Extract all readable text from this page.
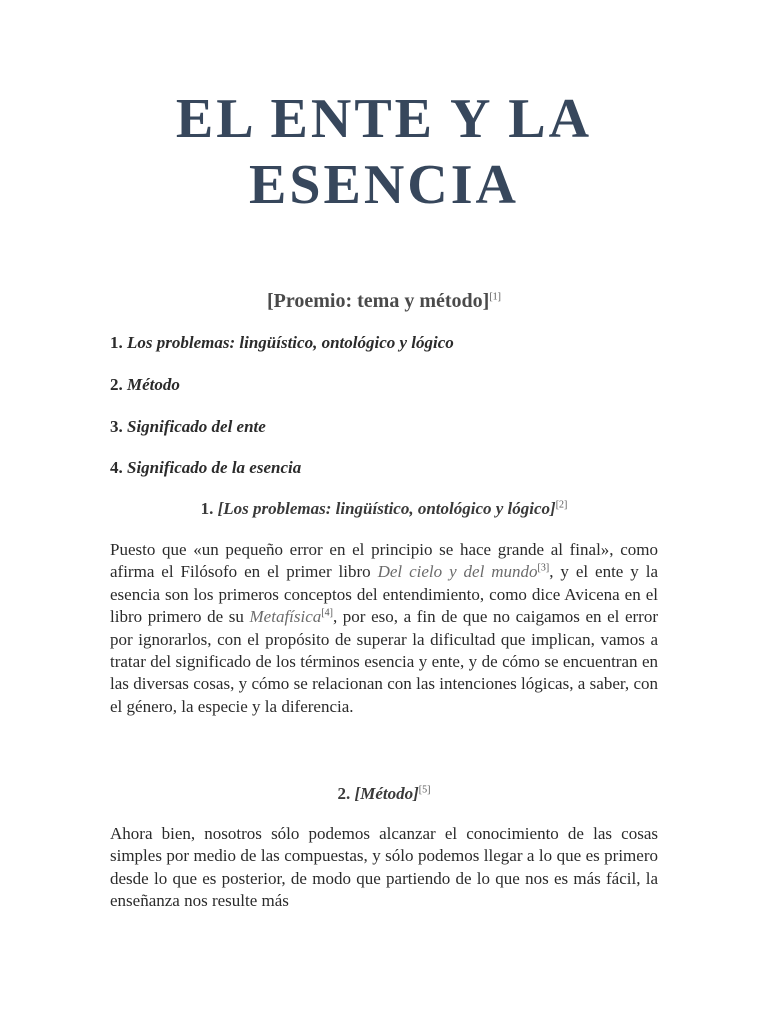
EL ENTE Y LA
ESENCIA
[Proemio: tema y método][1]

1. Los problemas: lingüístico, ontológico y lógico

2. Método

3. Significado del ente

4. Significado de la esencia

1. [Los problemas: lingüístico, ontológico y lógico][2]

Puesto que «un pequeño error en el principio se hace grande al final», como afirma el Filósofo en el primer libro Del cielo y del mundo[3], y el ente y la esencia son los primeros conceptos del entendimiento, como dice Avicena en el libro primero de su Metafísica[4], por eso, a fin de que no caigamos en el error por ignorarlos, con el propósito de superar la dificultad que implican, vamos a tratar del significado de los términos esencia y ente, y de cómo se encuentran en las diversas cosas, y cómo se relacionan con las intenciones lógicas, a saber, con el género, la especie y la diferencia.

2. [Método][5]

Ahora bien, nosotros sólo podemos alcanzar el conocimiento de las cosas simples por medio de las compuestas, y sólo podemos llegar a lo que es primero desde lo que es posterior, de modo que partiendo de lo que nos es más fácil, la enseñanza nos resulte más
